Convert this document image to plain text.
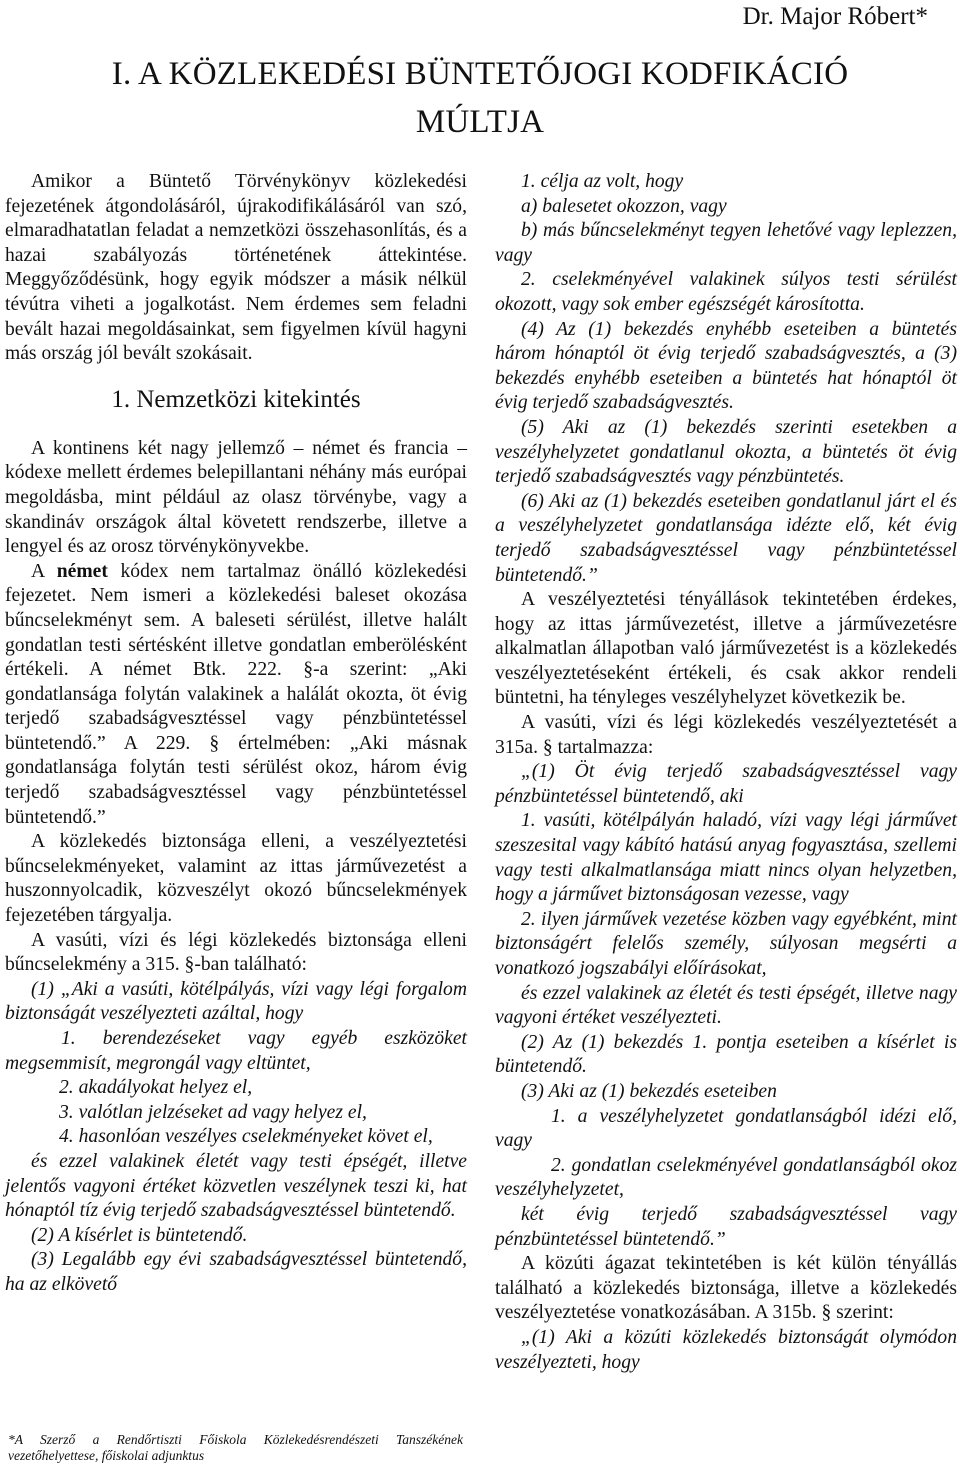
Dr. Major Róbert*
I. A KÖZLEKEDÉSI BÜNTETŐJOGI KODFIKÁCIÓ
MÚLTJA

Amikor a Büntető Törvénykönyv közlekedési fejezetének átgondolásáról, újrakodifikálásáról van szó, elmaradhatatlan feladat a nemzetközi összehasonlítás, és a hazai szabályozás történetének áttekintése. Meggyőződésünk, hogy egyik módszer a másik nélkül tévútra viheti a jogalkotást. Nem érdemes sem feladni bevált hazai megoldásainkat, sem figyelmen kívül hagyni más ország jól bevált szokásait.

1. Nemzetközi kitekintés

A kontinens két nagy jellemző – német és francia – kódexe mellett érdemes belepillantani néhány más európai megoldásba, mint például az olasz törvénybe, vagy a skandináv országok által követett rendszerbe, illetve a lengyel és az orosz törvénykönyvekbe.

A német kódex nem tartalmaz önálló közlekedési fejezetet. Nem ismeri a közlekedési baleset okozása bűncselekményt sem. A baleseti sérülést, illetve halált gondatlan testi sértésként illetve gondatlan emberölésként értékeli. A német Btk. 222. §-a szerint: „Aki gondatlansága folytán valakinek a halálát okozta, öt évig terjedő szabadságvesztéssel vagy pénzbüntetéssel büntetendő.” A 229. § értelmében: „Aki másnak gondatlansága folytán testi sérülést okoz, három évig terjedő szabadságvesztéssel vagy pénzbüntetéssel büntetendő.”

A közlekedés biztonsága elleni, a veszélyeztetési bűncselekményeket, valamint az ittas járművezetést a huszonnyolcadik, közveszélyt okozó bűncselekmények fejezetében tárgyalja.

A vasúti, vízi és légi közlekedés biztonsága elleni bűncselekmény a 315. §-ban található:

(1) „Aki a vasúti, kötélpályás, vízi vagy légi forgalom biztonságát veszélyezteti azáltal, hogy

1. berendezéseket vagy egyéb eszközöket megsemmisít, megrongál vagy eltüntet,

2. akadályokat helyez el,

3. valótlan jelzéseket ad vagy helyez el,

4. hasonlóan veszélyes cselekményeket követ el,

és ezzel valakinek életét vagy testi épségét, illetve jelentős vagyoni értéket közvetlen veszélynek teszi ki, hat hónaptól tíz évig terjedő szabadságvesztéssel büntetendő.

(2) A kísérlet is büntetendő.

(3) Legalább egy évi szabadságvesztéssel büntetendő, ha az elkövető

1. célja az volt, hogy

a) balesetet okozzon, vagy

b) más bűncselekményt tegyen lehetővé vagy leplezzen, vagy

2. cselekményével valakinek súlyos testi sérülést okozott, vagy sok ember egészségét károsította.

(4) Az (1) bekezdés enyhébb eseteiben a büntetés három hónaptól öt évig terjedő szabadságvesztés, a (3) bekezdés enyhébb eseteiben a büntetés hat hónaptól öt évig terjedő szabadságvesztés.

(5) Aki az (1) bekezdés szerinti esetekben a veszélyhelyzetet gondatlanul okozta, a büntetés öt évig terjedő szabadságvesztés vagy pénzbüntetés.

(6) Aki az (1) bekezdés eseteiben gondatlanul járt el és a veszélyhelyzetet gondatlansága idézte elő, két évig terjedő szabadságvesztéssel vagy pénzbüntetéssel büntetendő.”

A veszélyeztetési tényállások tekintetében érdekes, hogy az ittas járművezetést, illetve a járművezetésre alkalmatlan állapotban való járművezetést is a közlekedés veszélyeztetéseként értékeli, és csak akkor rendeli büntetni, ha tényleges veszélyhelyzet következik be.

A vasúti, vízi és légi közlekedés veszélyeztetését a 315a. § tartalmazza:

„(1) Öt évig terjedő szabadságvesztéssel vagy pénzbüntetéssel büntetendő, aki

1. vasúti, kötélpályán haladó, vízi vagy légi járművet szeszesital vagy kábító hatású anyag fogyasztása, szellemi vagy testi alkalmatlansága miatt nincs olyan helyzetben, hogy a járművet biztonságosan vezesse, vagy

2. ilyen járművek vezetése közben vagy egyébként, mint biztonságért felelős személy, súlyosan megsérti a vonatkozó jogszabályi előírásokat,

és ezzel valakinek az életét és testi épségét, illetve nagy vagyoni értéket veszélyezteti.

(2) Az (1) bekezdés 1. pontja eseteiben a kísérlet is büntetendő.

(3) Aki az (1) bekezdés eseteiben

1. a veszélyhelyzetet gondatlanságból idézi elő, vagy

2. gondatlan cselekményével gondatlanságból okoz veszélyhelyzetet,

két évig terjedő szabadságvesztéssel vagy pénzbüntetéssel büntetendő.”

A közúti ágazat tekintetében is két külön tényállás található a közlekedés biztonsága, illetve a közlekedés veszélyeztetése vonatkozásában. A 315b. § szerint:

„(1) Aki a közúti közlekedés biztonságát olymódon veszélyezteti, hogy

*A Szerző a Rendőrtiszti Főiskola Közlekedésrendészeti Tanszékének vezetőhelyettese, főiskolai adjunktus
